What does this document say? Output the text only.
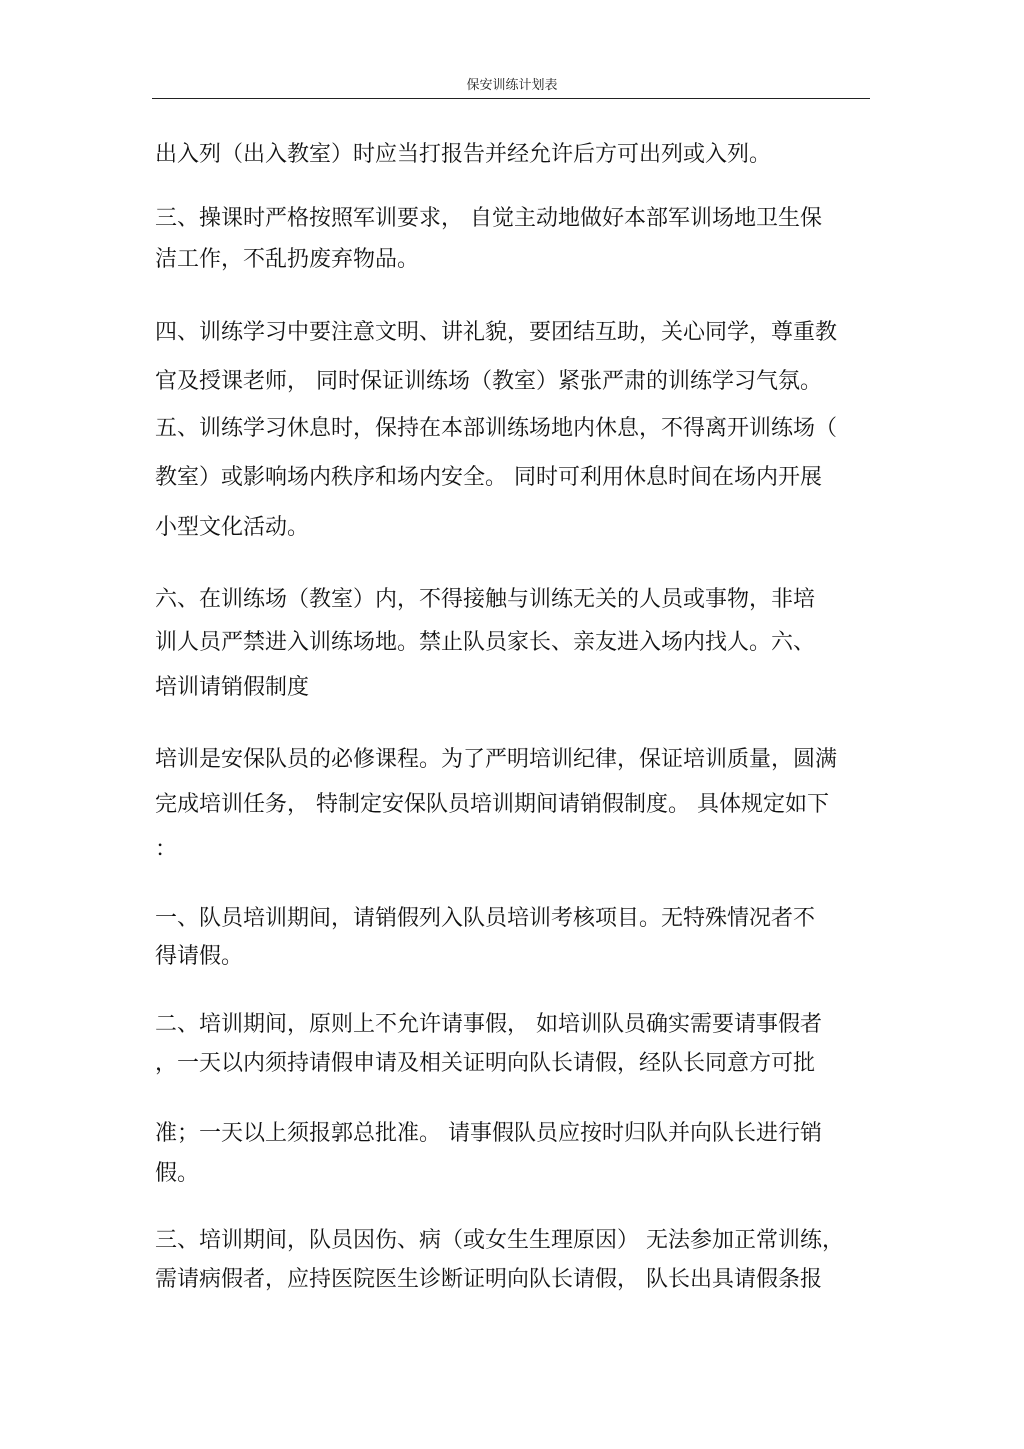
保安训练计划表
出入列（出入教室）时应当打报告并经允许后方可出列或入列。
三、操课时严格按照军训要求， 自觉主动地做好本部军训场地卫生保
洁工作，不乱扔废弃物品。
四、训练学习中要注意文明、讲礼貌，要团结互助，关心同学，尊重教
官及授课老师， 同时保证训练场（教室）紧张严肃的训练学习气氛。
五、训练学习休息时，保持在本部训练场地内休息，不得离开训练场（
教室）或影响场内秩序和场内安全。 同时可利用休息时间在场内开展
小型文化活动。
六、在训练场（教室）内，不得接触与训练无关的人员或事物，非培
训人员严禁进入训练场地。禁止队员家长、亲友进入场内找人。六、
培训请销假制度
培训是安保队员的必修课程。为了严明培训纪律，保证培训质量，圆满
完成培训任务， 特制定安保队员培训期间请销假制度。 具体规定如下
：
一、队员培训期间，请销假列入队员培训考核项目。无特殊情况者不
得请假。
二、培训期间，原则上不允许请事假， 如培训队员确实需要请事假者
，一天以内须持请假申请及相关证明向队长请假，经队长同意方可批
准；一天以上须报郭总批准。 请事假队员应按时归队并向队长进行销
假。
三、培训期间，队员因伤、病（或女生生理原因） 无法参加正常训练，
需请病假者，应持医院医生诊断证明向队长请假， 队长出具请假条报
